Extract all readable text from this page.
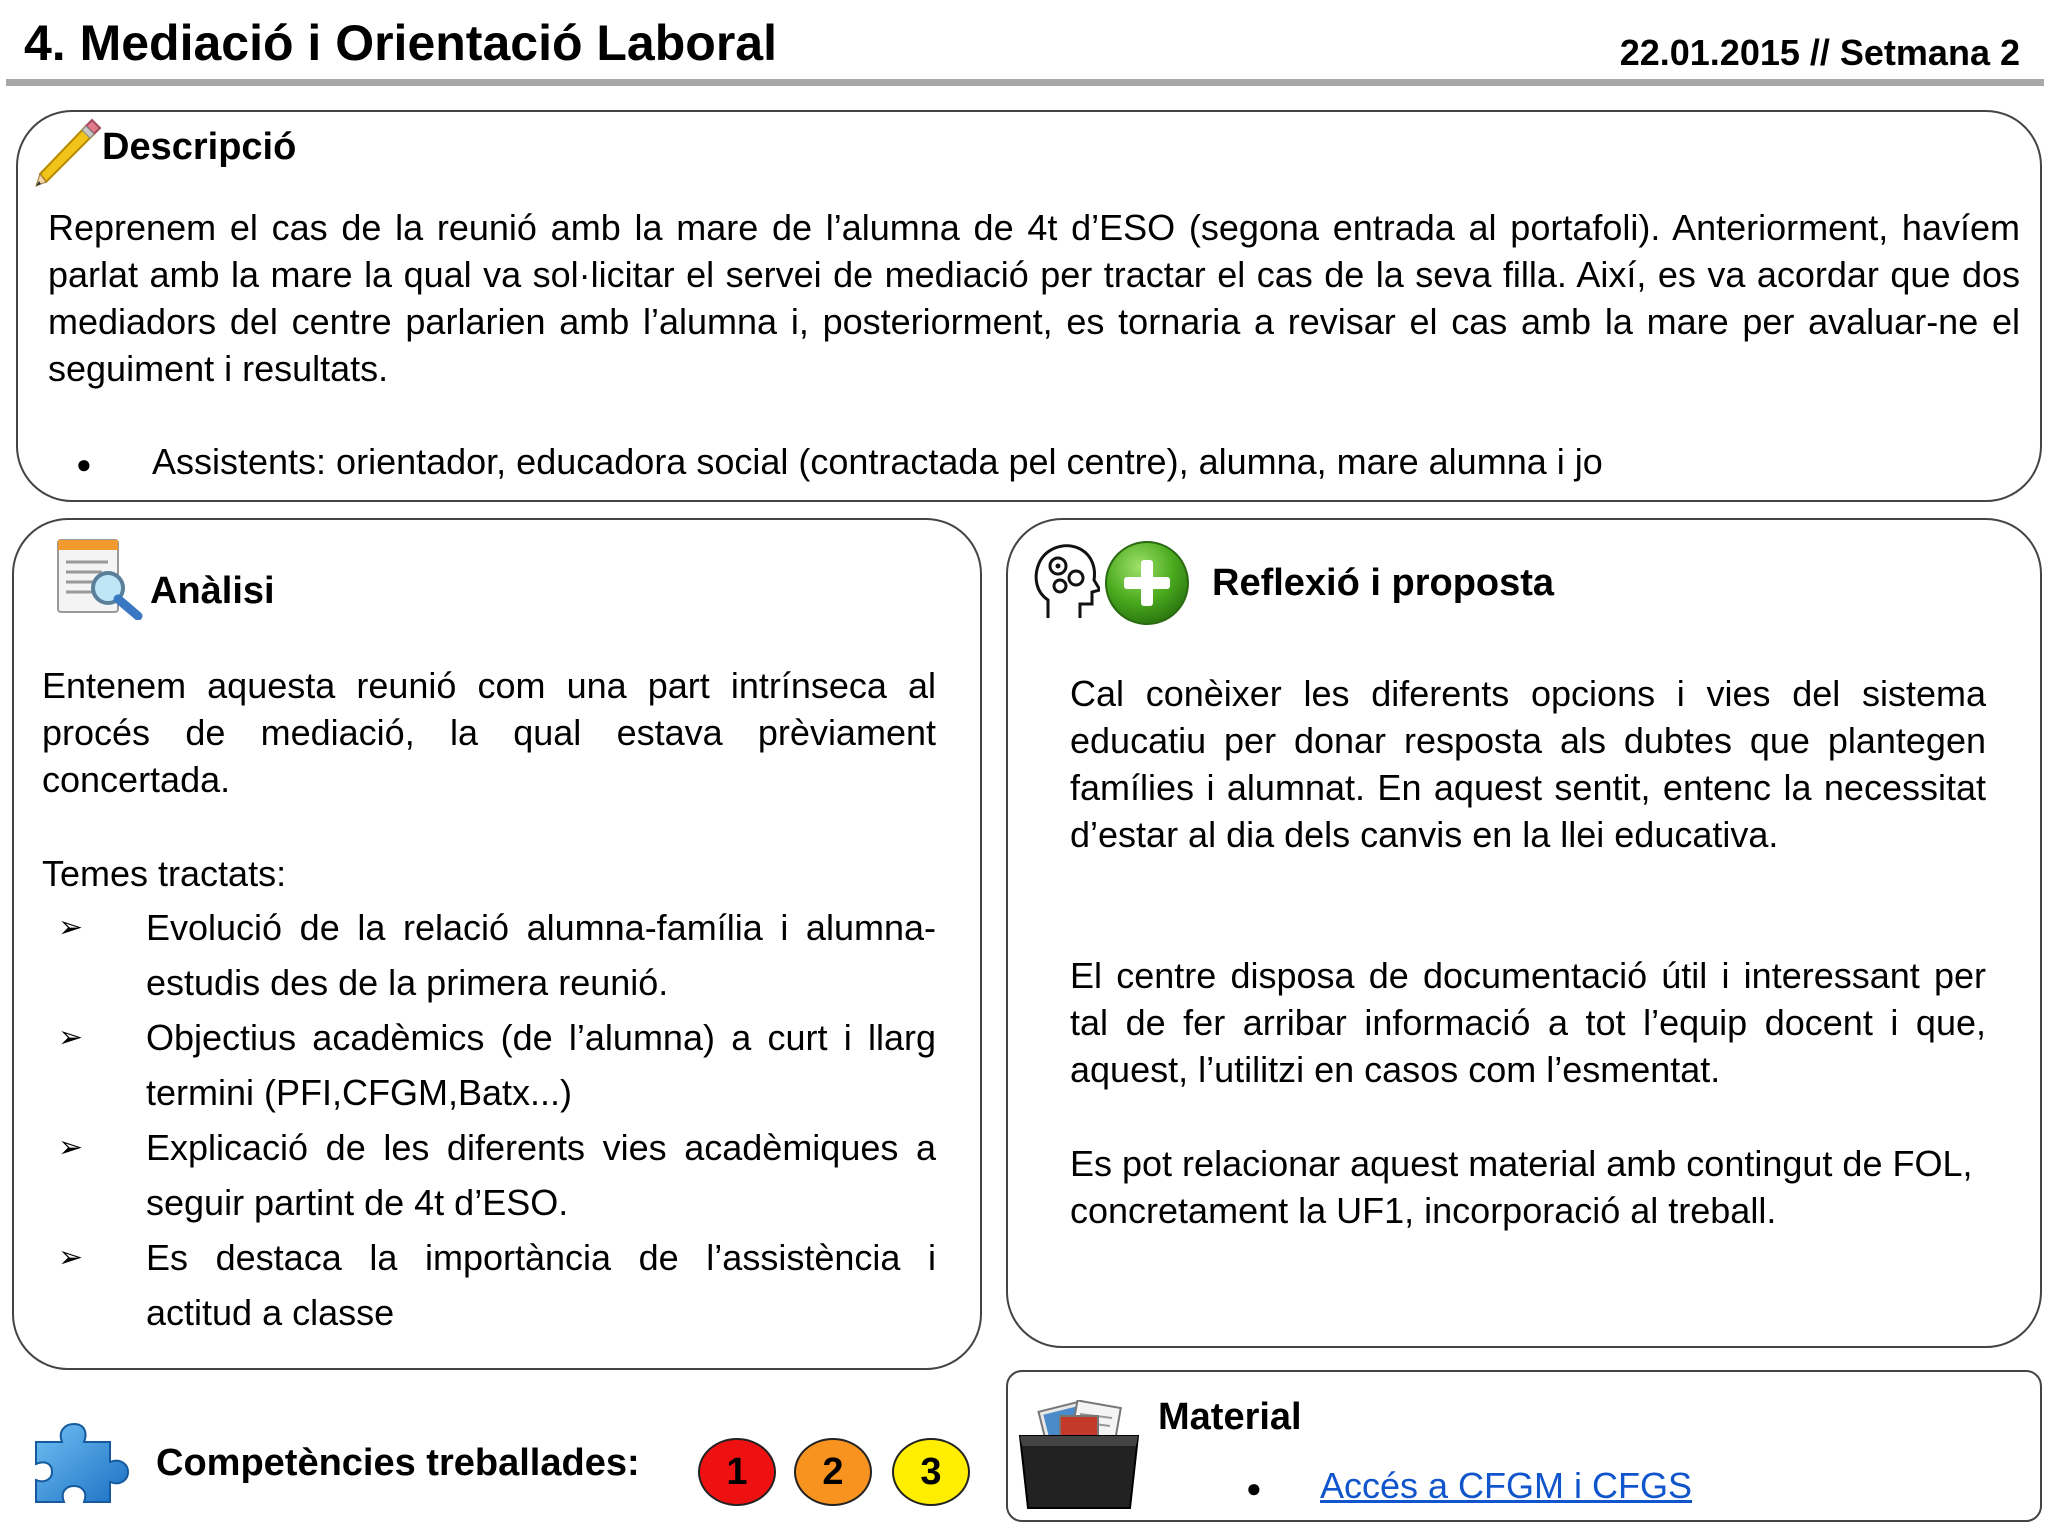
4. Mediació i Orientació Laboral	22.01.2015 // Setmana 2
Descripció
Reprenem el cas de la reunió amb la mare de l’alumna de 4t d’ESO (segona entrada al portafoli). Anteriorment, havíem parlat amb la mare la qual va sol·licitar el servei de mediació per tractar el cas de la seva filla. Així, es va acordar que dos mediadors del centre parlarien amb l’alumna i, posteriorment, es tornaria a revisar el cas amb la mare per avaluar-ne el seguiment i resultats.
● Assistents: orientador, educadora social (contractada pel centre), alumna, mare alumna i jo
Anàlisi
Entenem aquesta reunió com una part intrínseca al procés de mediació, la qual estava prèviament concertada.
Temes tractats:
➢ Evolució de la relació alumna-família i alumna-estudis des de la primera reunió.
➢ Objectius acadèmics (de l’alumna) a curt i llarg termini (PFI,CFGM,Batx...)
➢ Explicació de les diferents vies acadèmiques a seguir partint de 4t d’ESO.
➢ Es destaca la importància de l’assistència i actitud a classe
Reflexió i proposta
Cal conèixer les diferents opcions i vies del sistema educatiu per donar resposta als dubtes que plantegen famílies i alumnat. En aquest sentit, entenc la necessitat d’estar al dia dels canvis en la llei educativa.
El centre disposa de documentació útil i interessant per tal de fer arribar informació a tot l’equip docent i que, aquest, l’utilitzi en casos com l’esmentat.
Es pot relacionar aquest material amb contingut de FOL, concretament la UF1, incorporació al treball.
Competències treballades:	1	2	3
Material
● Accés a CFGM i CFGS
